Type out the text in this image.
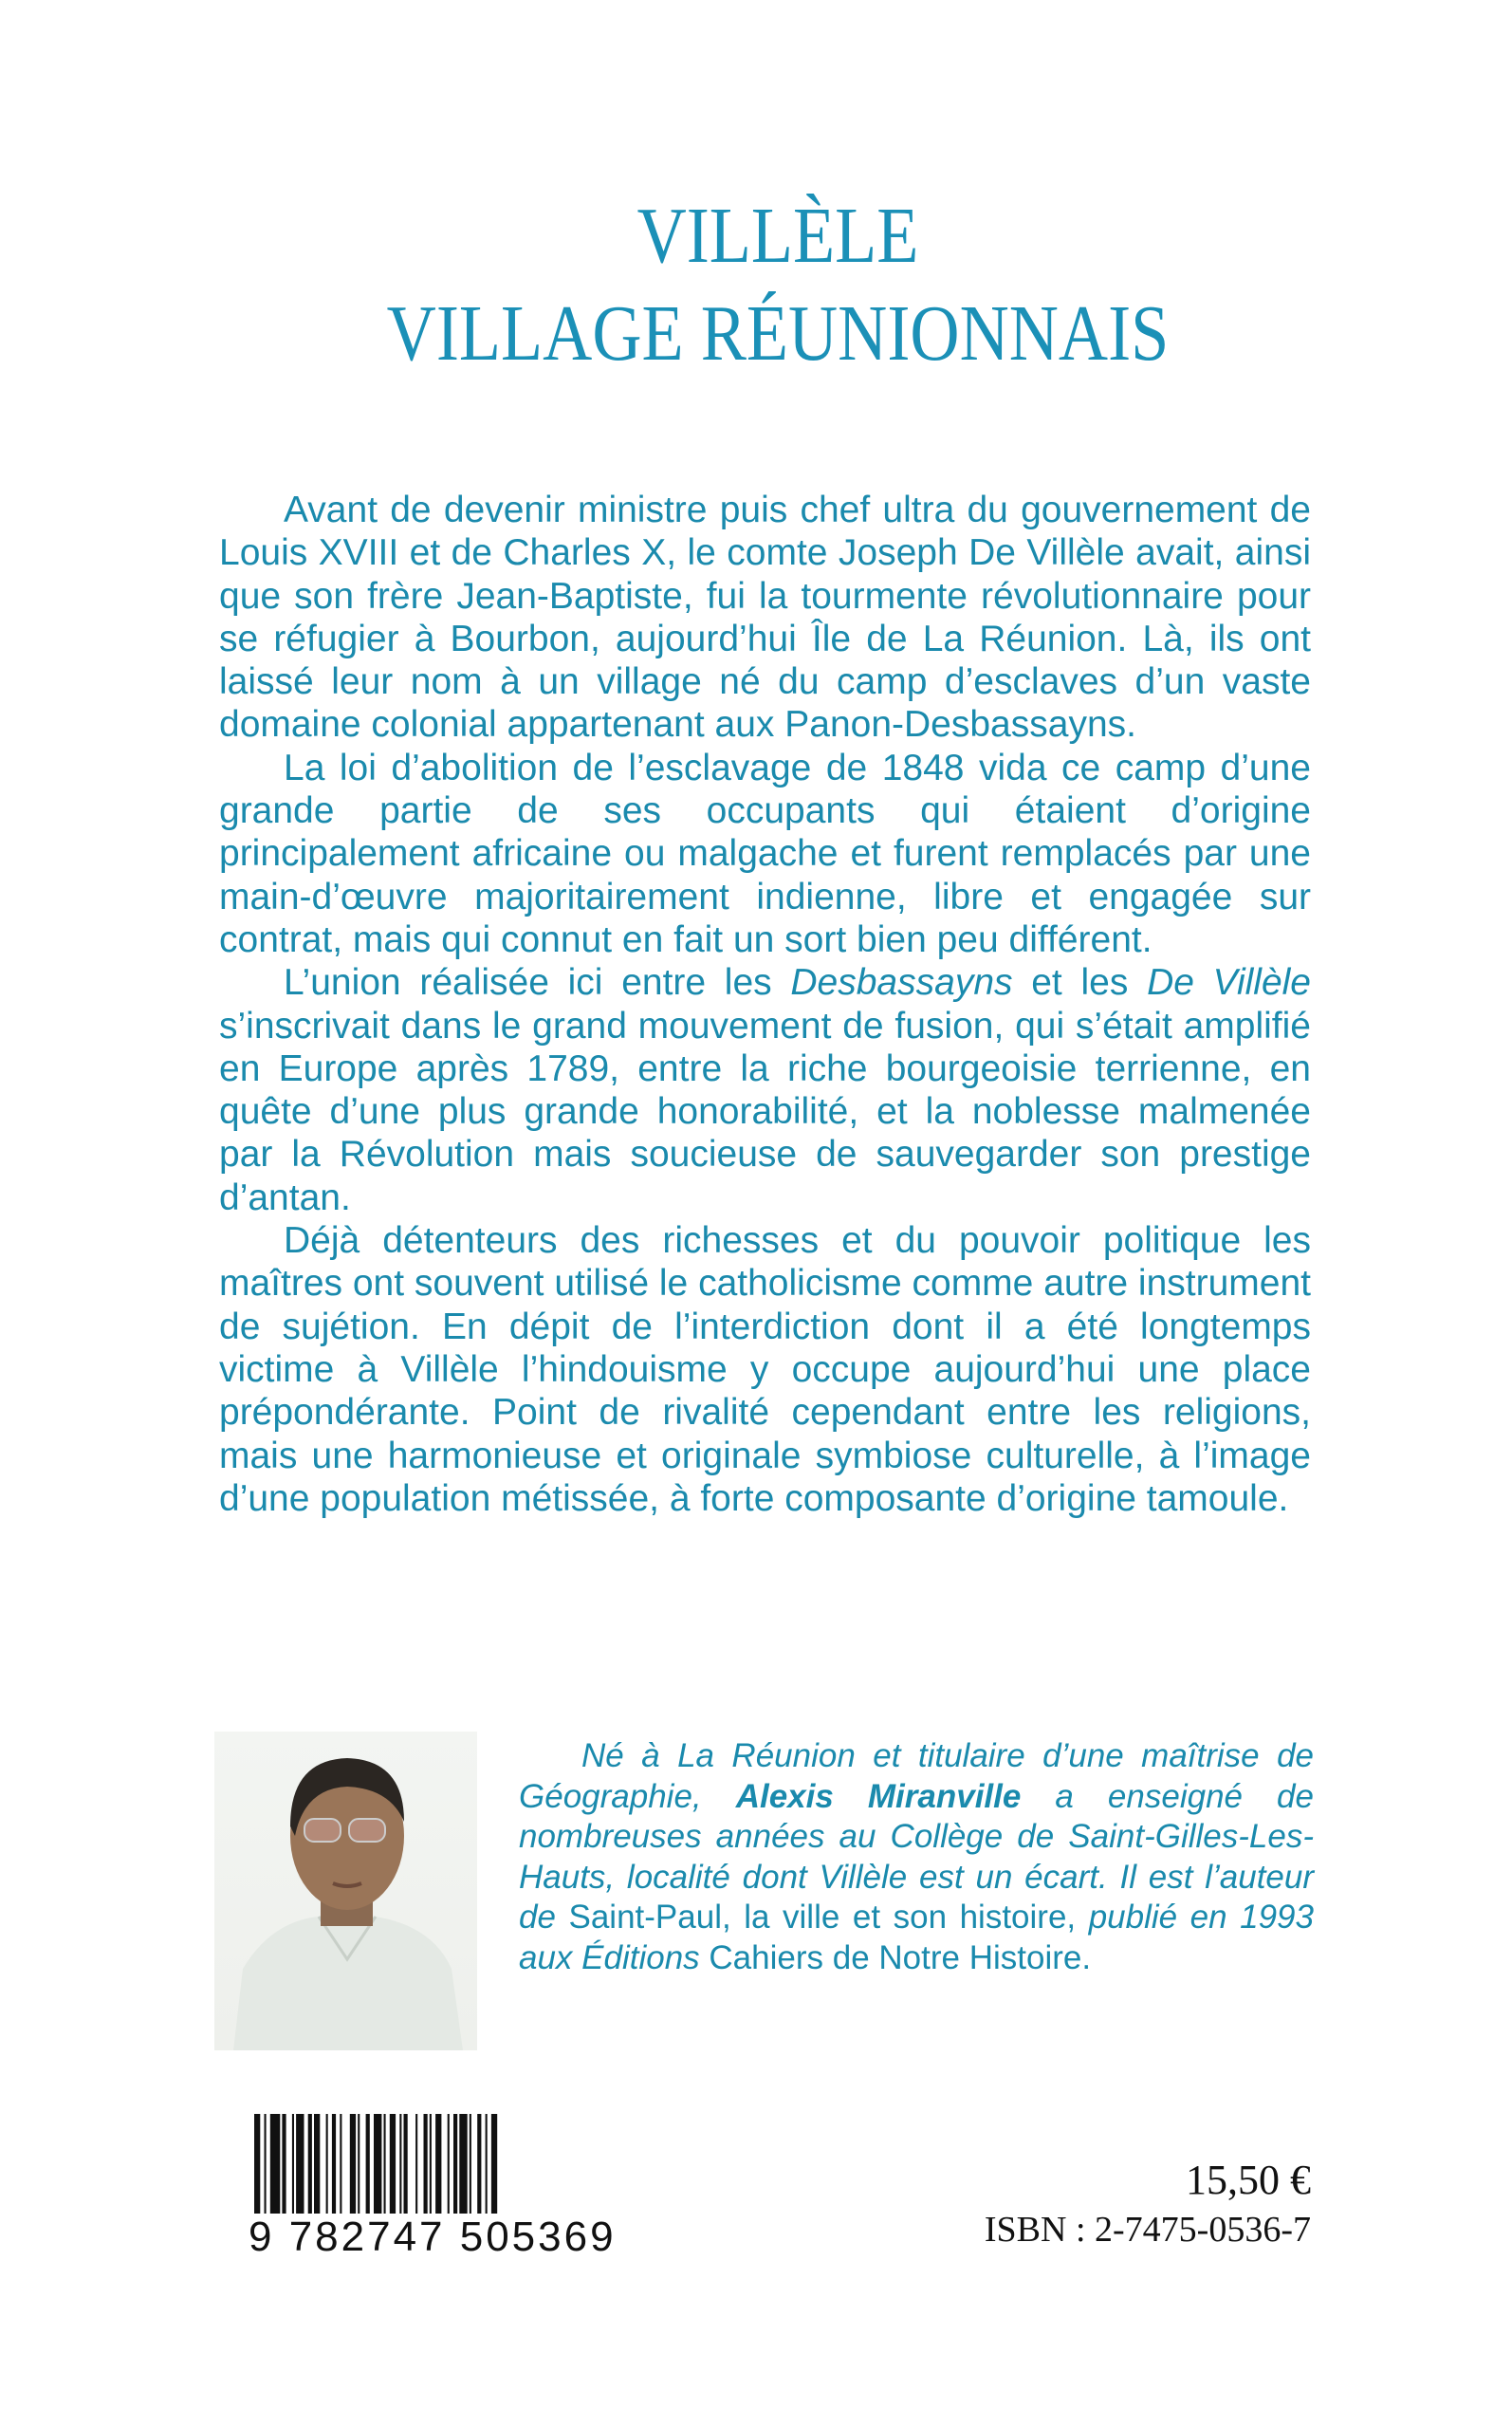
VILLÈLE
VILLAGE RÉUNIONNAIS

Avant de devenir ministre puis chef ultra du gouvernement de Louis XVIII et de Charles X, le comte Joseph De Villèle avait, ainsi que son frère Jean-Baptiste, fui la tourmente révolutionnaire pour se réfugier à Bourbon, aujourd’hui Île de La Réunion. Là, ils ont laissé leur nom à un village né du camp d’esclaves d’un vaste domaine colonial appartenant aux Panon-Desbassayns.

La loi d’abolition de l’esclavage de 1848 vida ce camp d’une grande partie de ses occupants qui étaient d’origine principalement africaine ou malgache et furent remplacés par une main-d’œuvre majoritairement indienne, libre et engagée sur contrat, mais qui connut en fait un sort bien peu différent.

L’union réalisée ici entre les Desbassayns et les De Villèle s’inscrivait dans le grand mouvement de fusion, qui s’était amplifié en Europe après 1789, entre la riche bourgeoisie terrienne, en quête d’une plus grande honorabilité, et la noblesse malmenée par la Révolution mais soucieuse de sauvegarder son prestige d’antan.

Déjà détenteurs des richesses et du pouvoir politique les maîtres ont souvent utilisé le catholicisme comme autre instrument de sujétion. En dépit de l’interdiction dont il a été longtemps victime à Villèle l’hindouisme y occupe aujourd’hui une place prépondérante. Point de rivalité cependant entre les religions, mais une harmonieuse et originale symbiose culturelle, à l’image d’une population métissée, à forte composante d’origine tamoule.

Né à La Réunion et titulaire d’une maîtrise de Géographie, Alexis Miranville a enseigné de nombreuses années au Collège de Saint-Gilles-Les-Hauts, localité dont Villèle est un écart. Il est l’auteur de Saint-Paul, la ville et son histoire, publié en 1993 aux Éditions Cahiers de Notre Histoire.

9 782747 505369
15,50 €
ISBN : 2-7475-0536-7
